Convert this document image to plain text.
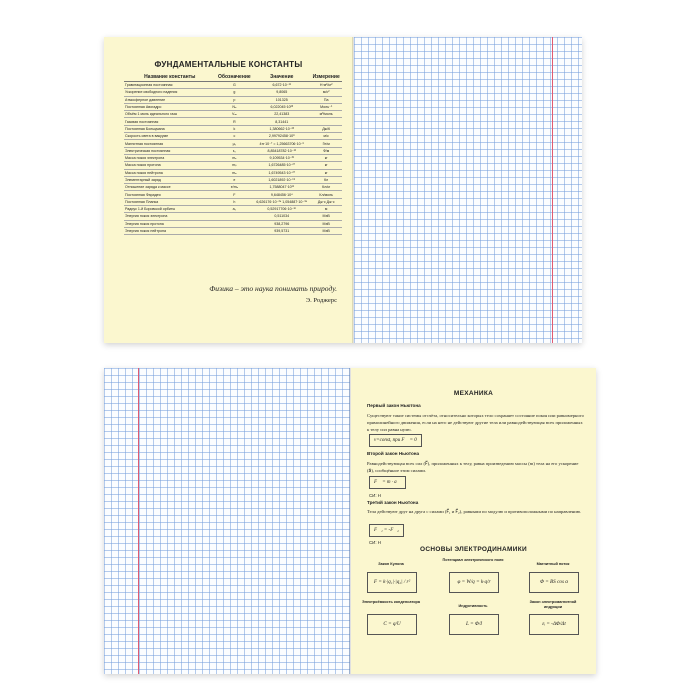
ФУНДАМЕНТАЛЬНЫЕ КОНСТАНТЫ
Название константы	Обозначение	Значение	Измерение
Гравитационная постоянная	G	6,672·10⁻¹¹	Н·м²/кг²
Ускорение свободного падения	g	9,8065	м/с²
Атмосферное давление	p	101325	Па
Постоянная Авогадро	Nₐ	6,022045·10²³	Моль⁻¹
Объём 1 моль идеального газа	Vₘ	22,41383	м³/моль
Газовая постоянная	R	8,31441	
Постоянная Больцмана	k	1,380662·10⁻²³	Дж/К
Скорость света в вакууме	c	2,99792458·10⁸	м/с
Магнитная постоянная	μ₀	4π·10⁻⁷ = 1,25663706·10⁻⁶	Гн/м
Электрическая постоянная	ε₀	8,85418782·10⁻¹²	Ф/м
Масса покоя электрона	mₑ	9,109534·10⁻³¹	кг
Масса покоя протона	mₚ	1,6726485·10⁻²⁷	кг
Масса покоя нейтрона	mₙ	1,6749543·10⁻²⁷	кг
Элементарный заряд	e	1,6021892·10⁻¹⁹	Кл
Отношение заряда к массе	e/mₑ	1,7588047·10¹¹	Кл/кг
Постоянная Фарадея	F	9,648456·10⁴	Кл/моль
Постоянная Планка	h	6,626176·10⁻³⁴ 1,054887·10⁻³⁴	Дж·с Дж·с
Радиус 1-й Боровской орбиты	a₀	0,52917706·10⁻¹⁰	м
Энергия покоя электрона		0,511034	МэВ
Энергия покоя протона		938,2796	МэВ
Энергия покоя нейтрона		939,5731	МэВ
Физика – это наука понимать природу.
Э. Роджерс
МЕХАНИКА
Первый закон Ньютона
Существуют такие системы отсчёта, относительно которых тело сохраняет состояние покоя или равномерного прямолинейного движения, если на него не действуют другие тела или равнодействующая всех приложенных к телу сил равна нулю.
v=const, при F⃗ = 0
Второй закон Ньютона
Равнодействующая всех сил (F⃗), приложенных к телу, равна произведению массы (m) тела на его ускорение (a⃗), сообщённое этим силами.
F⃗ = m · a⃗
СИ: Н
Третий закон Ньютона
Тела действуют друг на друга с силами (F⃗₁ и F⃗₂), равными по модулю и противоположными по направлению.
F⃗₁ = -F⃗₂
СИ: Н
ОСНОВЫ ЭЛЕКТРОДИНАМИКИ
Закон Кулона
F = k·|q₁|·|q₂| / r²
Потенциал электрического поля
φ = W/q = k·q/r
Магнитный поток
Φ = BS cos α
Электроёмкость конденсатора
C = q/U
Индуктивность
L = Φ/I
Закон электромагнитной индукции
εᵢ = -ΔΦ/Δt
